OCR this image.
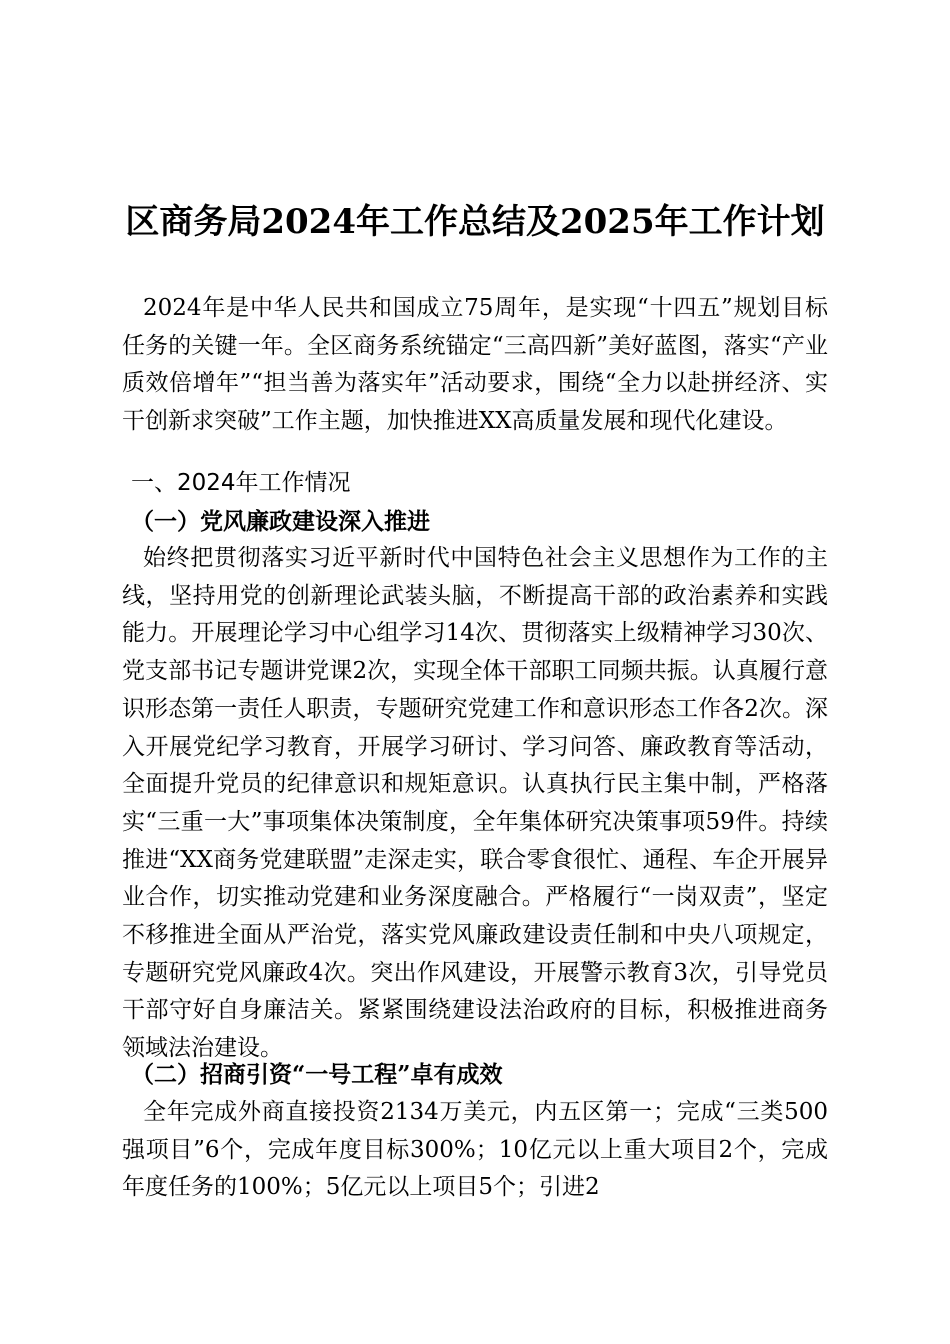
区商务局2024年工作总结及2025年工作计划

2024年是中华人民共和国成立75周年，是实现“十四五”规划目标任务的关键一年。全区商务系统锚定“三高四新”美好蓝图，落实“产业质效倍增年”“担当善为落实年”活动要求，围绕“全力以赴拼经济、实干创新求突破”工作主题，加快推进XX高质量发展和现代化建设。

一、2024年工作情况

（一）党风廉政建设深入推进

始终把贯彻落实习近平新时代中国特色社会主义思想作为工作的主线，坚持用党的创新理论武装头脑，不断提高干部的政治素养和实践能力。开展理论学习中心组学习14次、贯彻落实上级精神学习30次、党支部书记专题讲党课2次，实现全体干部职工同频共振。认真履行意识形态第一责任人职责，专题研究党建工作和意识形态工作各2次。深入开展党纪学习教育，开展学习研讨、学习问答、廉政教育等活动，全面提升党员的纪律意识和规矩意识。认真执行民主集中制，严格落实“三重一大”事项集体决策制度，全年集体研究决策事项59件。持续推进“XX商务党建联盟”走深走实，联合零食很忙、通程、车企开展异业合作，切实推动党建和业务深度融合。严格履行“一岗双责”，坚定不移推进全面从严治党，落实党风廉政建设责任制和中央八项规定，专题研究党风廉政4次。突出作风建设，开展警示教育3次，引导党员干部守好自身廉洁关。紧紧围绕建设法治政府的目标，积极推进商务领域法治建设。

（二）招商引资“一号工程”卓有成效

全年完成外商直接投资2134万美元，内五区第一；完成“三类500强项目”6个，完成年度目标300%；10亿元以上重大项目2个，完成年度任务的100%；5亿元以上项目5个；引进2
